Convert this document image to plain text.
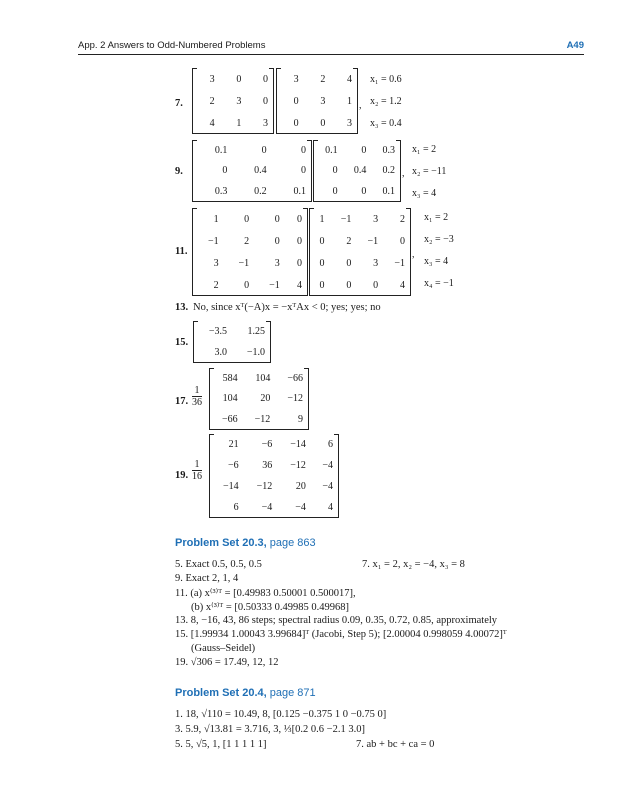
App. 2 Answers to Odd-Numbered Problems	A49
7.
3	0	0
2	3	0
4	1	3
3	2	4
0	3	1
0	0	3
,
x₁ = 0.6
x₂ = 1.2
x₃ = 0.4
9.
0.1	0	0
0	0.4	0
0.3	0.2	0.1
0.1	0	0.3
0	0.4	0.2
0	0	0.1
,
x₁ = 2
x₂ = −11
x₃ = 4
11.
1	0	0	0
−1	2	0	0
3	−1	3	0
2	0	−1	4
1	−1	3	2
0	2	−1	0
0	0	3	−1
0	0	0	4
,
x₁ = 2
x₂ = −3
x₃ = 4
x₄ = −1
13. No, since xᵀ(−A)x = −xᵀAx < 0; yes; yes; no
15.
−3.5	1.25
3.0	−1.0
17. $\frac{1}{36}$
584	104	−66
104	20	−12
−66	−12	9
19. $\frac{1}{16}$
21	−6	−14	6
−6	36	−12	−4
−14	−12	20	−4
6	−4	−4	4
Problem Set 20.3, page 863
5. Exact 0.5, 0.5, 0.5	7. x₁ = 2, x₂ = −4, x₃ = 8
9. Exact 2, 1, 4
11. (a) x⁽³⁾ᵀ = [0.49983 0.50001 0.500017],
(b) x⁽³⁾ᵀ = [0.50333 0.49985 0.49968]
13. 8, −16, 43, 86 steps; spectral radius 0.09, 0.35, 0.72, 0.85, approximately
15. [1.99934 1.00043 3.99684]ᵀ (Jacobi, Step 5); [2.00004 0.998059 4.00072]ᵀ
(Gauss–Seidel)
19. √306 = 17.49, 12, 12
Problem Set 20.4, page 871
1. 18, √110 = 10.49, 8, [0.125 −0.375 1 0 −0.75 0]
3. 5.9, √13.81 = 3.716, 3, ⅓[0.2 0.6 −2.1 3.0]
5. 5, √5, 1, [1 1 1 1 1]	7. ab + bc + ca = 0
